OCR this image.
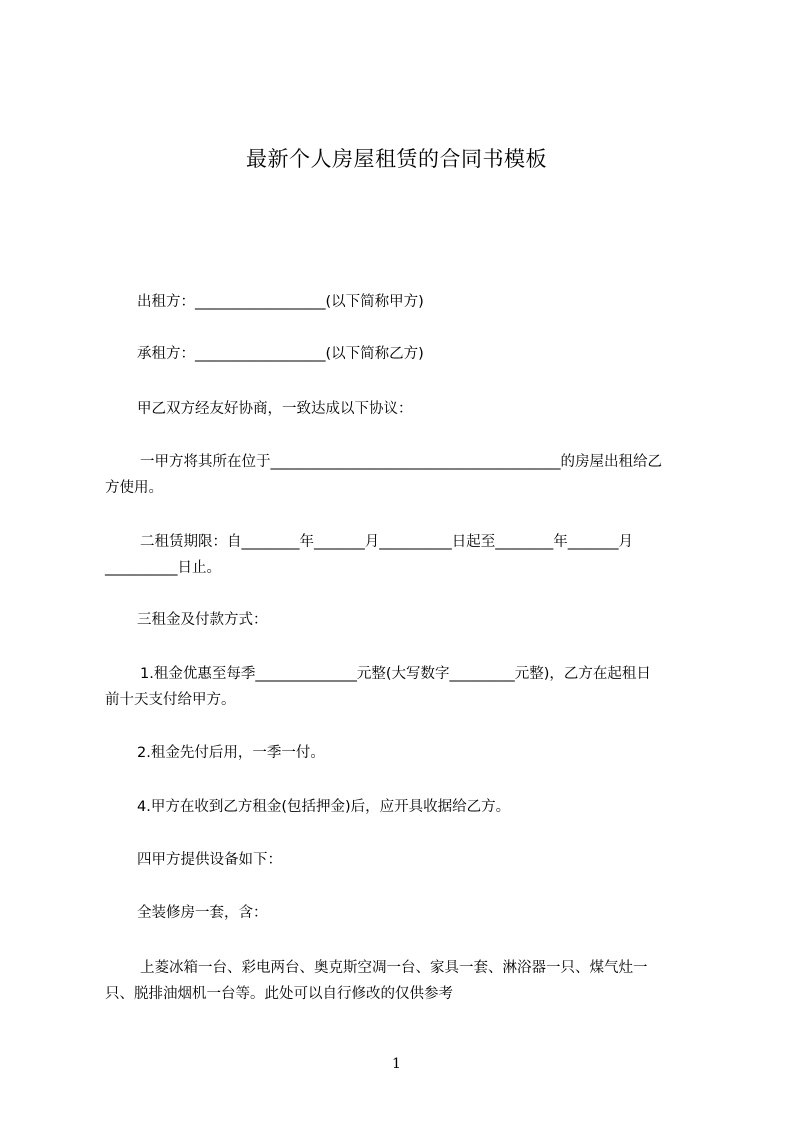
最新个人房屋租赁的合同书模板
出租方：__________________(以下简称甲方)
承租方：__________________(以下简称乙方)
甲乙双方经友好协商，一致达成以下协议：
一甲方将其所在位于________________________________________的房屋出租给乙
方使用。
二租赁期限：自________年_______月__________日起至________年_______月
__________日止。
三租金及付款方式：
1.租金优惠至每季______________元整(大写数字_________元整)，乙方在起租日
前十天支付给甲方。
2.租金先付后用，一季一付。
4.甲方在收到乙方租金(包括押金)后，应开具收据给乙方。
四甲方提供设备如下：
全装修房一套，含：
上菱冰箱一台、彩电两台、奥克斯空凋一台、家具一套、淋浴器一只、煤气灶一
只、脱排油烟机一台等。此处可以自行修改的仅供参考
1
